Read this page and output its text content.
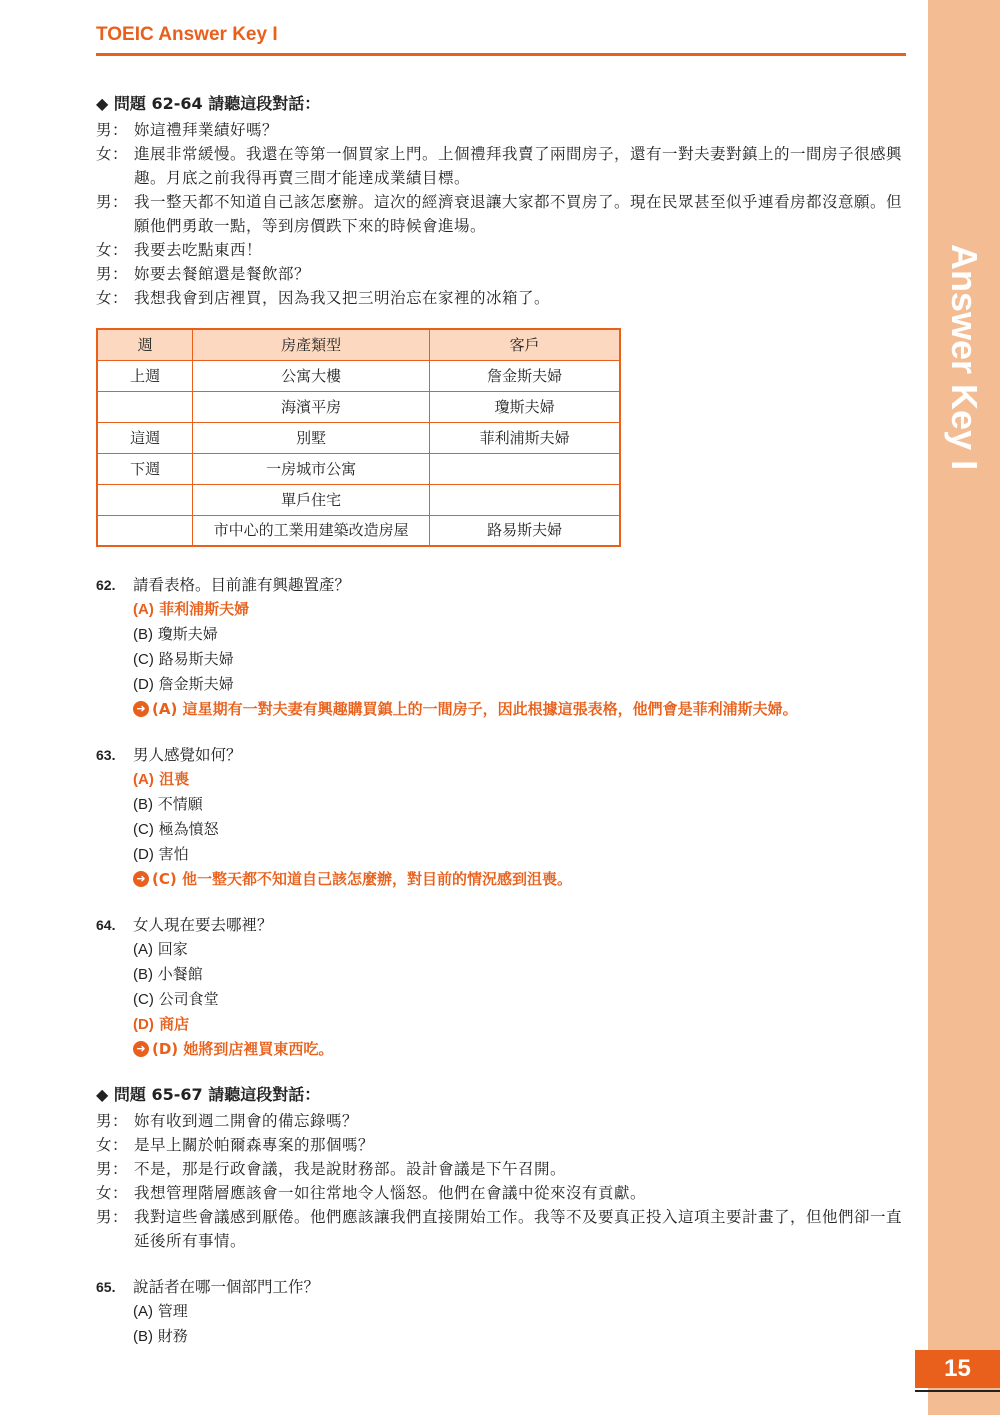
TOEIC Answer Key I
Answer Key I
15
◆ 問題 62-64 請聽這段對話：
男： 妳這禮拜業績好嗎？
女： 進展非常緩慢。我還在等第一個買家上門。上個禮拜我賣了兩間房子，還有一對夫妻對鎮上的一間房子很感興趣。月底之前我得再賣三間才能達成業績目標。
男： 我一整天都不知道自己該怎麼辦。這次的經濟衰退讓大家都不買房了。現在民眾甚至似乎連看房都沒意願。但願他們勇敢一點，等到房價跌下來的時候會進場。
女： 我要去吃點東西！
男： 妳要去餐館還是餐飲部？
女： 我想我會到店裡買，因為我又把三明治忘在家裡的冰箱了。
週	房產類型	客戶
上週	公寓大樓	詹金斯夫婦
	海濱平房	瓊斯夫婦
這週	別墅	菲利浦斯夫婦
下週	一房城市公寓	
	單戶住宅	
	市中心的工業用建築改造房屋	路易斯夫婦
62.	請看表格。目前誰有興趣置產？
(A) 菲利浦斯夫婦
(B) 瓊斯夫婦
(C) 路易斯夫婦
(D) 詹金斯夫婦
➜ (A)
這星期有一對夫妻有興趣購買鎮上的一間房子，因此根據這張表格，他們會是菲利浦斯夫婦。
63.	男人感覺如何？
(A) 沮喪
(B) 不情願
(C) 極為憤怒
(D) 害怕
➜ (C)
他一整天都不知道自己該怎麼辦，對目前的情況感到沮喪。
64.	女人現在要去哪裡？
(A) 回家
(B) 小餐館
(C) 公司食堂
(D) 商店
➜ (D)
她將到店裡買東西吃。
◆ 問題 65-67 請聽這段對話：
男： 妳有收到週二開會的備忘錄嗎？
女： 是早上關於帕爾森專案的那個嗎？
男： 不是，那是行政會議，我是說財務部。設計會議是下午召開。
女： 我想管理階層應該會一如往常地令人惱怒。他們在會議中從來沒有貢獻。
男： 我對這些會議感到厭倦。他們應該讓我們直接開始工作。我等不及要真正投入這項主要計畫了，但他們卻一直延後所有事情。
65.	說話者在哪一個部門工作？
(A) 管理
(B) 財務
